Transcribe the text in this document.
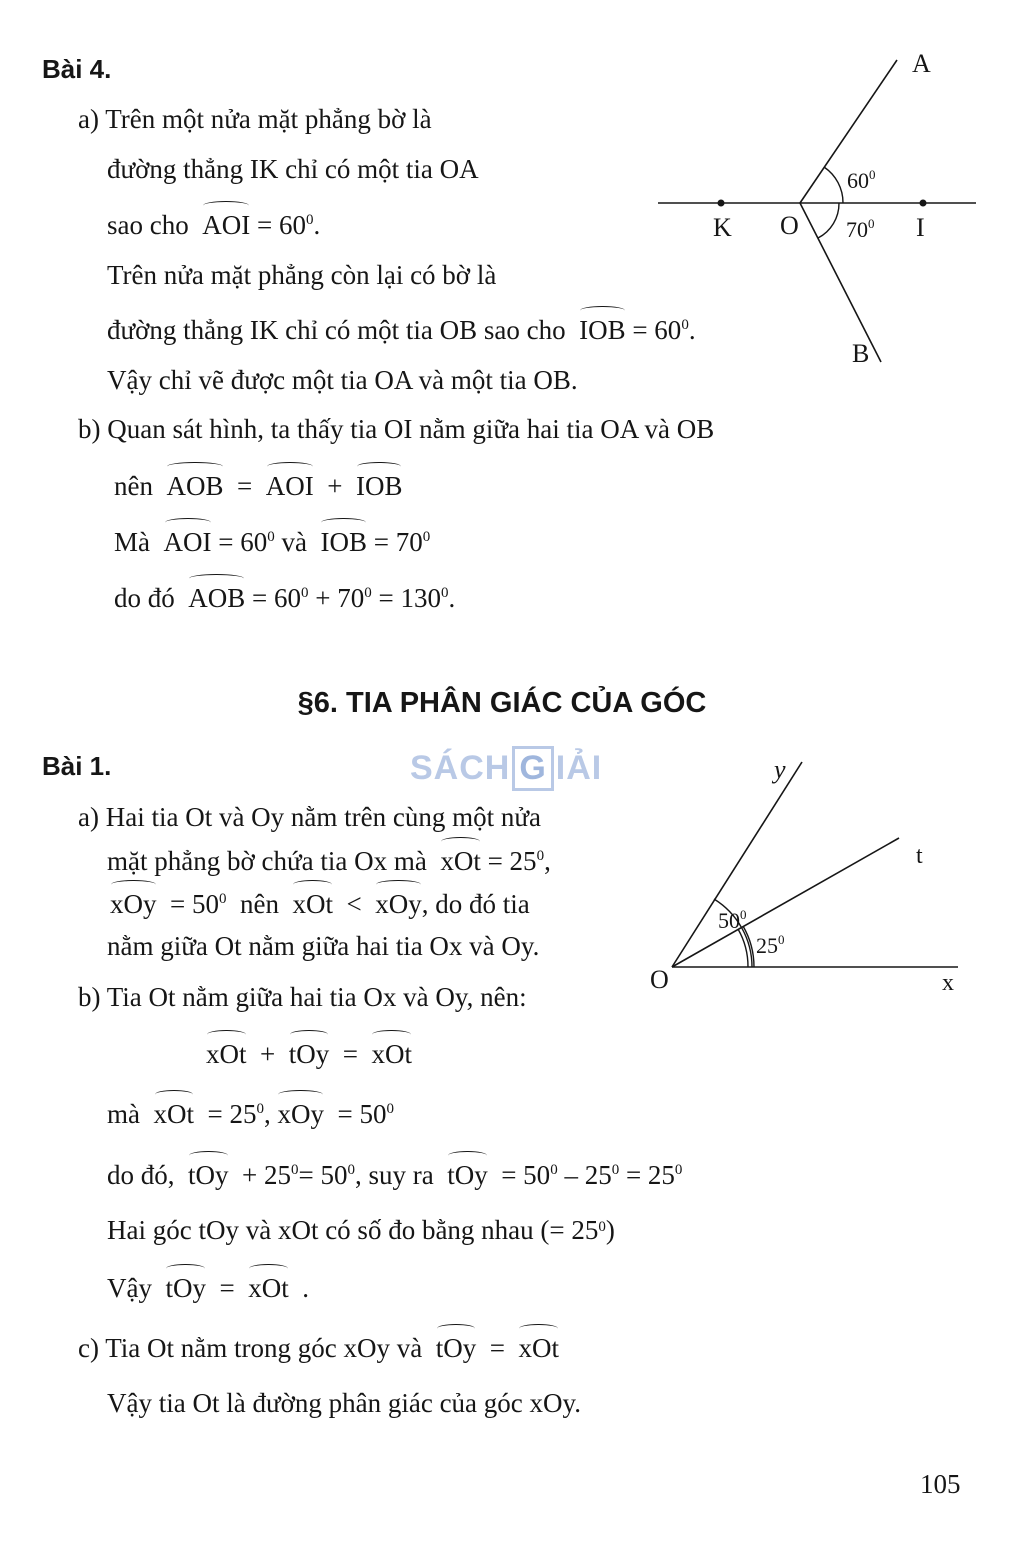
Bài 4.
a) Trên một nửa mặt phẳng bờ là
đường thẳng IK chỉ có một tia OA
sao cho AOI = $60^0$.
Trên nửa mặt phẳng còn lại có bờ là
đường thẳng IK chỉ có một tia OB sao cho IOB = $60^0$.
Vậy chỉ vẽ được một tia OA và một tia OB.
b) Quan sát hình, ta thấy tia OI nằm giữa hai tia OA và OB
nên AOB = AOI + IOB
Mà AOI = $60^0$ và IOB = $70^0$
do đó AOB = $60^0 + 70^0 = 130^0$.
A
B
K O	I
$60^0$
$70^0$
§6. TIA PHÂN GIÁC CỦA GÓC
SÁCH G IẢI
Bài 1.
a) Hai tia Ot và Oy nằm trên cùng một nửa
mặt phẳng bờ chứa tia Ox mà xOt = $25^0$,
xOy = $50^0$ nên xOt < xOy, do đó tia
nằm giữa Ot nằm giữa hai tia Ox và Oy.
b) Tia Ot nằm giữa hai tia Ox và Oy, nên:
xOt + tOy = xOt
mà xOt = $25^0$, xOy = $50^0$
do đó, tOy + $25^0= 50^0$, suy ra tOy = $50^0 - 25^0 = 25^0$
Hai góc tOy và xOt có số đo bằng nhau (= $25^0$)
Vậy tOy = xOt .
c) Tia Ot nằm trong góc xOy và tOy = xOt
Vậy tia Ot là đường phân giác của góc xOy.
y
t
O	x
$50^0$
$25^0$
105
